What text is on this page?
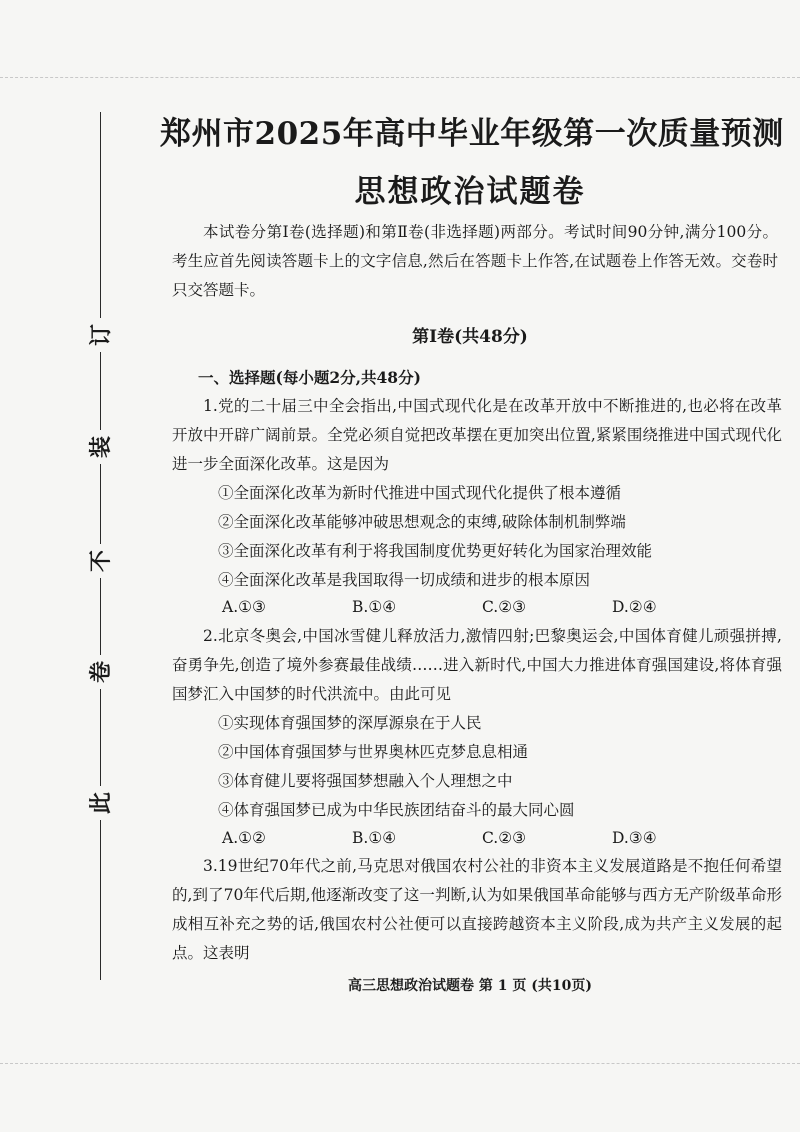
此
卷
不
装
订
郑州市2025年高中毕业年级第一次质量预测
思想政治试题卷
本试卷分第Ⅰ卷(选择题)和第Ⅱ卷(非选择题)两部分。考试时间90分钟,满分100分。考生应首先阅读答题卡上的文字信息,然后在答题卡上作答,在试题卷上作答无效。交卷时只交答题卡。
第Ⅰ卷(共48分)
一、选择题(每小题2分,共48分)
1.党的二十届三中全会指出,中国式现代化是在改革开放中不断推进的,也必将在改革开放中开辟广阔前景。全党必须自觉把改革摆在更加突出位置,紧紧围绕推进中国式现代化进一步全面深化改革。这是因为
①全面深化改革为新时代推进中国式现代化提供了根本遵循
②全面深化改革能够冲破思想观念的束缚,破除体制机制弊端
③全面深化改革有利于将我国制度优势更好转化为国家治理效能
④全面深化改革是我国取得一切成绩和进步的根本原因
A.①③	B.①④	C.②③	D.②④
2.北京冬奥会,中国冰雪健儿释放活力,激情四射;巴黎奥运会,中国体育健儿顽强拼搏,奋勇争先,创造了境外参赛最佳战绩……进入新时代,中国大力推进体育强国建设,将体育强国梦汇入中国梦的时代洪流中。由此可见
①实现体育强国梦的深厚源泉在于人民
②中国体育强国梦与世界奥林匹克梦息息相通
③体育健儿要将强国梦想融入个人理想之中
④体育强国梦已成为中华民族团结奋斗的最大同心圆
A.①②	B.①④	C.②③	D.③④
3.19世纪70年代之前,马克思对俄国农村公社的非资本主义发展道路是不抱任何希望的,到了70年代后期,他逐渐改变了这一判断,认为如果俄国革命能够与西方无产阶级革命形成相互补充之势的话,俄国农村公社便可以直接跨越资本主义阶段,成为共产主义发展的起点。这表明
高三思想政治试题卷 第 1 页 (共10页)
